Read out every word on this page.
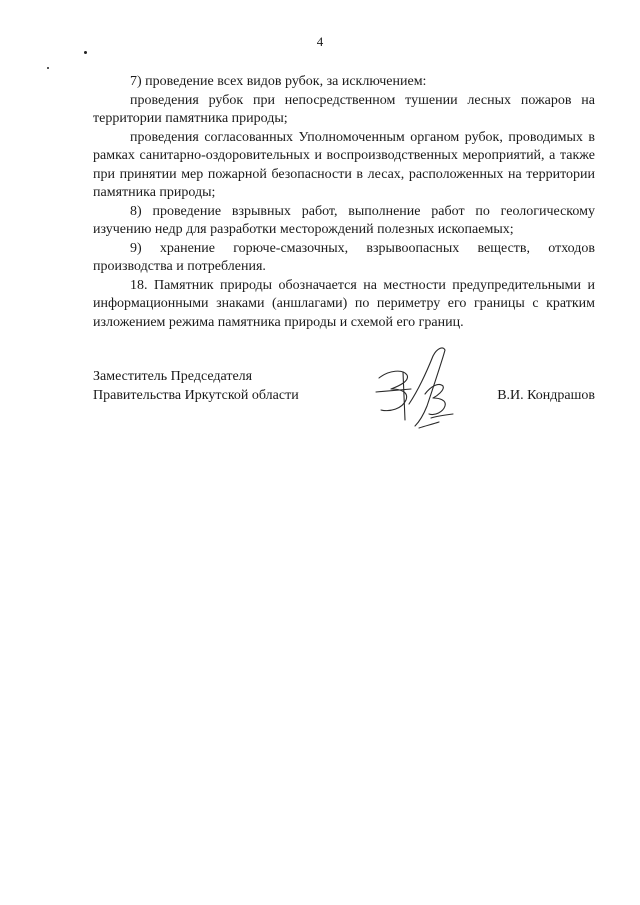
4

7) проведение всех видов рубок, за исключением:

проведения рубок при непосредственном тушении лесных пожаров на территории памятника природы;

проведения согласованных Уполномоченным органом рубок, проводимых в рамках санитарно-оздоровительных и воспроизводственных мероприятий, а также при принятии мер пожарной безопасности в лесах, расположенных на территории памятника природы;

8) проведение взрывных работ, выполнение работ по геологическому изучению недр для разработки месторождений полезных ископаемых;

9) хранение горюче-смазочных, взрывоопасных веществ, отходов производства и потребления.

18. Памятник природы обозначается на местности предупредительными и информационными знаками (аншлагами) по периметру его границы с кратким изложением режима памятника природы и схемой его границ.

Заместитель Председателя
Правительства Иркутской области	В.И. Кондрашов
